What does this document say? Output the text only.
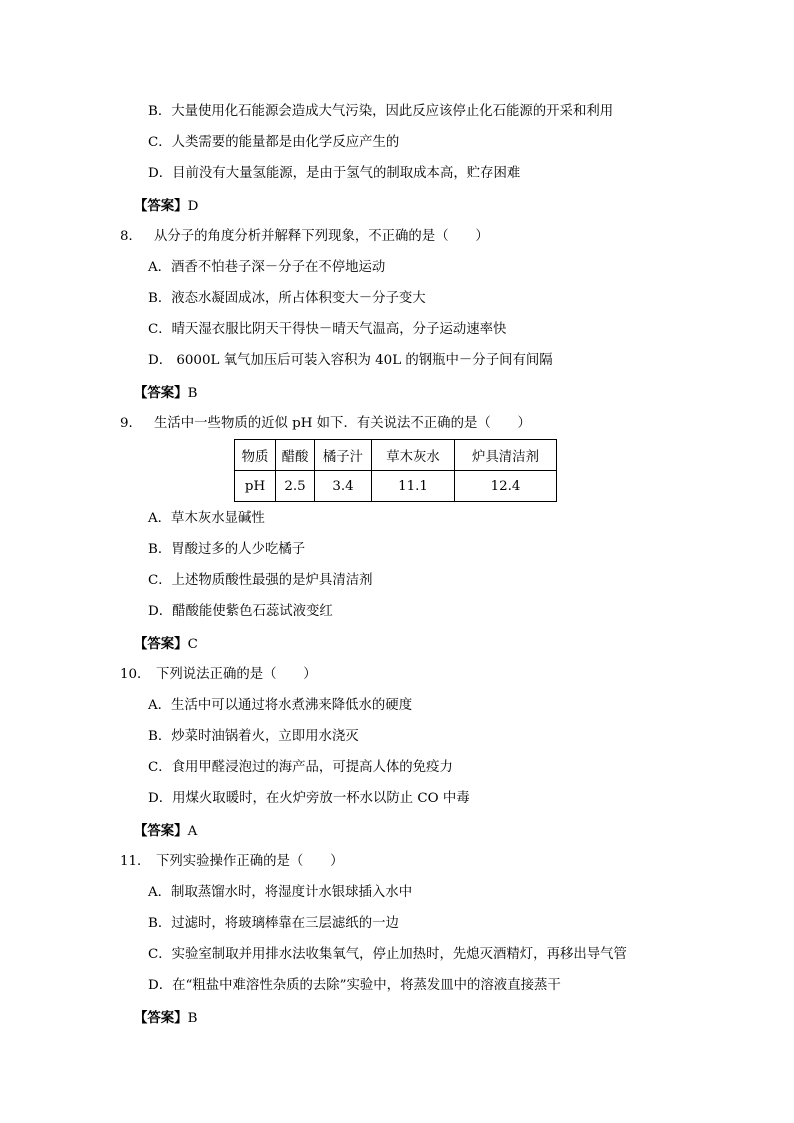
B．大量使用化石能源会造成大气污染，因此反应该停止化石能源的开采和利用
C．人类需要的能量都是由化学反应产生的
D．目前没有大量氢能源，是由于氢气的制取成本高，贮存困难
【答案】D
8． 从分子的角度分析并解释下列现象，不正确的是（　　）
A．酒香不怕巷子深－分子在不停地运动
B．液态水凝固成冰，所占体积变大－分子变大
C．晴天湿衣服比阴天干得快－晴天气温高，分子运动速率快
D． 6000L 氧气加压后可装入容积为 40L 的钢瓶中－分子间有间隔
【答案】B
9． 生活中一些物质的近似 pH 如下．有关说法不正确的是（　　）
物质	醋酸	橘子汁	草木灰水	炉具清洁剂
pH	2.5	3.4	11.1	12.4
A．草木灰水显碱性
B．胃酸过多的人少吃橘子
C．上述物质酸性最强的是炉具清洁剂
D．醋酸能使紫色石蕊试液变红
【答案】C
10． 下列说法正确的是（　　）
A．生活中可以通过将水煮沸来降低水的硬度
B．炒菜时油锅着火，立即用水浇灭
C．食用甲醛浸泡过的海产品，可提高人体的免疫力
D．用煤火取暖时，在火炉旁放一杯水以防止 CO 中毒
【答案】A
11． 下列实验操作正确的是（　　）
A．制取蒸馏水时，将湿度计水银球插入水中
B．过滤时，将玻璃棒靠在三层滤纸的一边
C．实验室制取并用排水法收集氧气，停止加热时，先熄灭酒精灯，再移出导气管
D．在“粗盐中难溶性杂质的去除”实验中，将蒸发皿中的溶液直接蒸干
【答案】B
